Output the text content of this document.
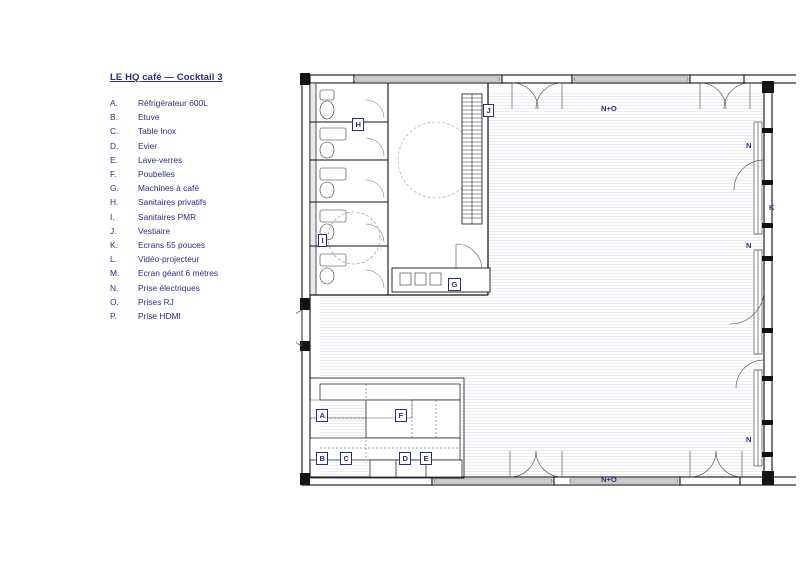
LE HQ café — Cocktail 3
A.	Réfrigérateur 600L
B.	Etuve
C.	Table Inox
D.	Evier
E.	Lave-verres
F.	Poubelles
G.	Machines à café
H.	Sanitaires privatifs
I.	Sanitaires PMR
J.	Vestiaire
K.	Ecrans 55 pouces
L.	Vidéo-projecteur
M.	Ecran géant 6 mètres
N.	Prise électriques
O.	Prises RJ
P.	Prise HDMI
H
J
I
G
A	F
B	C	D	E
N
K
N
N
N+O
N+O
